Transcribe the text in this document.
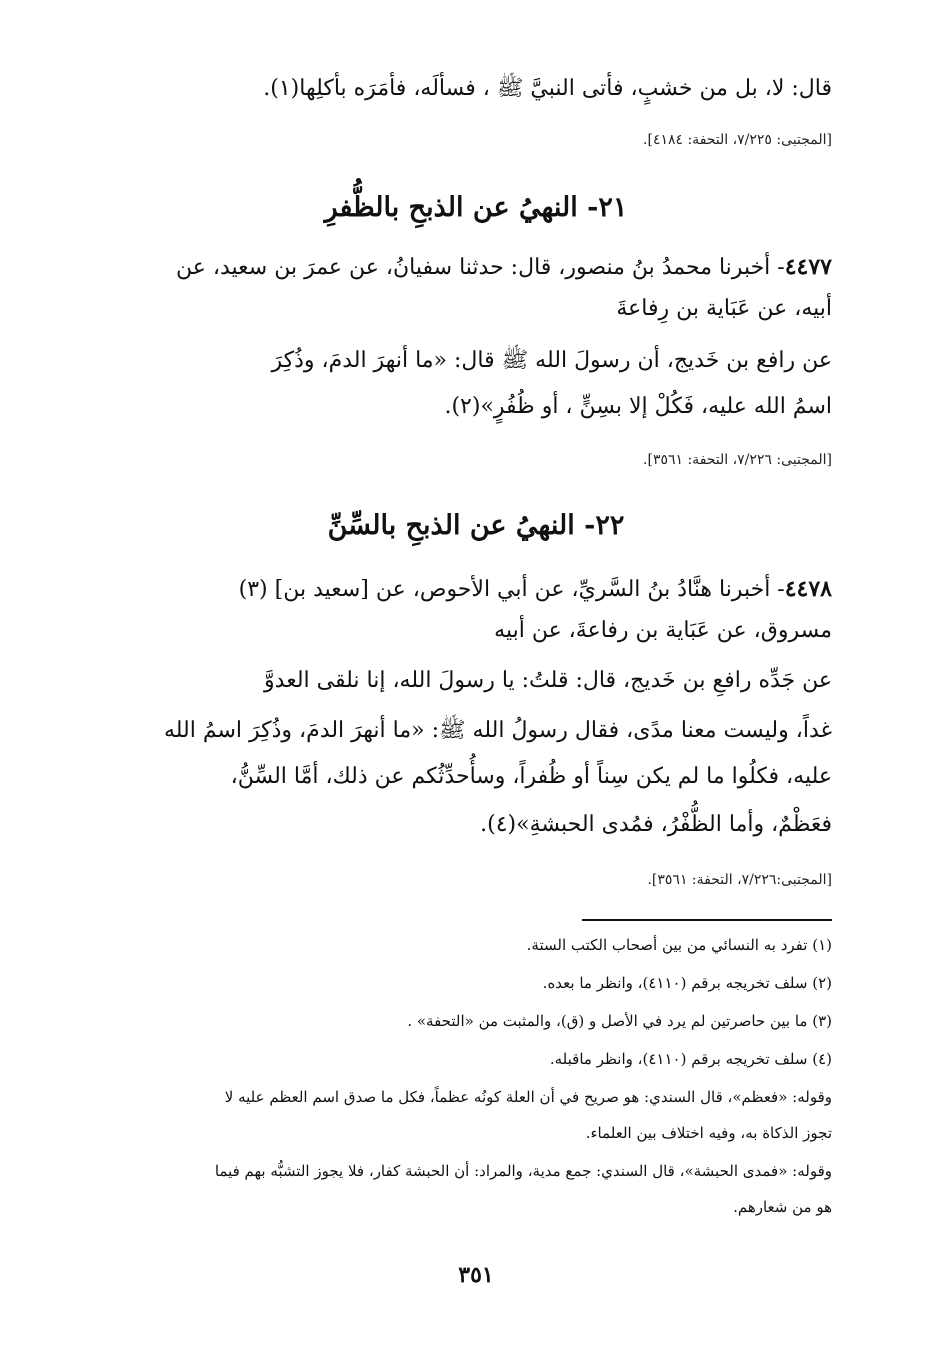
قال: لا، بل من خشبٍ، فأتى النبيَّ ﷺ ، فسألَه، فأمَرَه بأكلِها(١).
[المجتبى: ٧/٢٢٥، التحفة: ٤١٨٤].
٢١- النهيُ عن الذبحِ بالظُّفرِ
٤٤٧٧- أخبرنا محمدُ بنُ منصور، قال: حدثنا سفيانُ، عن عمرَ بن سعيد، عن
أبيه، عن عَبَاية بن رِفاعةَ
عن رافع بن خَديج، أن رسولَ الله ﷺ قال: «ما أنهرَ الدمَ، وذُكِرَ
اسمُ الله عليه، فَكُلْ إلا بسِنٍّ ، أو ظُفُرٍ»(٢).
[المجتبى: ٧/٢٢٦، التحفة: ٣٥٦١].
٢٢- النهيُ عن الذبحِ بالسِّنِّ
٤٤٧٨- أخبرنا هنَّادُ بنُ السَّريِّ، عن أبي الأحوص، عن [سعيد بن] (٣)
مسروق، عن عَبَاية بن رفاعةَ، عن أبيه
عن جَدِّه رافعِ بن خَديج، قال: قلتُ: يا رسولَ الله، إنا نلقى العدوَّ
غداً، وليست معنا مدًى، فقال رسولُ الله ﷺ: «ما أنهرَ الدمَ، وذُكِرَ اسمُ الله
عليه، فكلُوا ما لم يكن سِناً أو ظُفراً، وسأُحدِّثُكم عن ذلك، أمَّا السِّنُّ،
فعَظْمٌ، وأما الظُّفْرُ، فمُدى الحبشةِ»(٤).
[المجتبى:٧/٢٢٦، التحفة: ٣٥٦١].
(١) تفرد به النسائي من بين أصحاب الكتب الستة.
(٢) سلف تخريجه برقم (٤١١٠)، وانظر ما بعده.
(٣) ما بين حاصرتين لم يرد في الأصل و (ق)، والمثبت من «التحفة» .
(٤) سلف تخريجه برقم (٤١١٠)، وانظر ماقبله.
وقوله: «فعظم»، قال السندي: هو صريح في أن العلة كونُه عظماً، فكل ما صدق اسم العظم عليه لا
تجوز الذكاة به، وفيه اختلاف بين العلماء.
وقوله: «فمدى الحبشة»، قال السندي: جمع مدية، والمراد: أن الحبشة كفار، فلا يجوز التشبُّه بهم فيما
هو من شعارهم.
٣٥١
